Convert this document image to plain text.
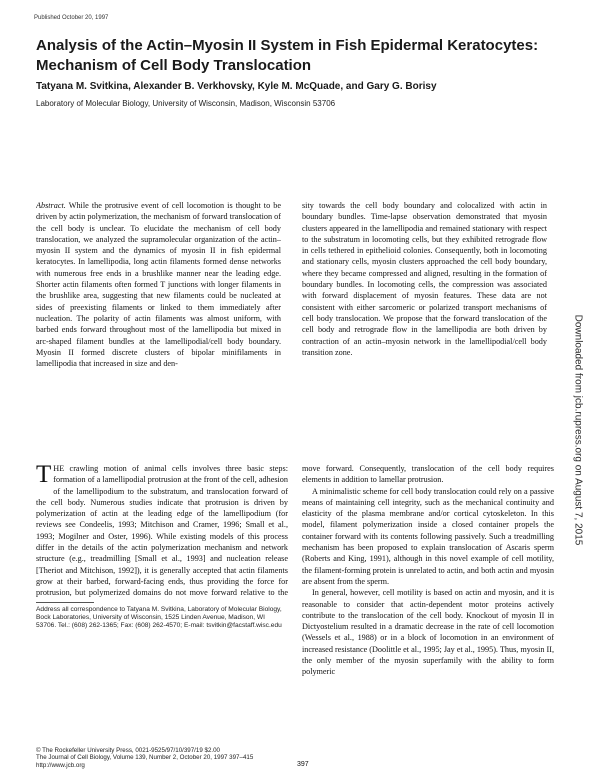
Published October 20, 1997
Analysis of the Actin–Myosin II System in Fish Epidermal Keratocytes: Mechanism of Cell Body Translocation
Tatyana M. Svitkina, Alexander B. Verkhovsky, Kyle M. McQuade, and Gary G. Borisy
Laboratory of Molecular Biology, University of Wisconsin, Madison, Wisconsin 53706
Abstract. While the protrusive event of cell locomotion is thought to be driven by actin polymerization, the mechanism of forward translocation of the cell body is unclear. To elucidate the mechanism of cell body translocation, we analyzed the supramolecular organization of the actin–myosin II system and the dynamics of myosin II in fish epidermal keratocytes. In lamellipodia, long actin filaments formed dense networks with numerous free ends in a brushlike manner near the leading edge. Shorter actin filaments often formed T junctions with longer filaments in the brushlike area, suggesting that new filaments could be nucleated at sides of preexisting filaments or linked to them immediately after nucleation. The polarity of actin filaments was almost uniform, with barbed ends forward throughout most of the lamellipodia but mixed in arc-shaped filament bundles at the lamellipodial/cell body boundary. Myosin II formed discrete clusters of bipolar minifilaments in lamellipodia that increased in size and den-
sity towards the cell body boundary and colocalized with actin in boundary bundles. Time-lapse observation demonstrated that myosin clusters appeared in the lamellipodia and remained stationary with respect to the substratum in locomoting cells, but they exhibited retrograde flow in cells tethered in epithelioid colonies. Consequently, both in locomoting and stationary cells, myosin clusters approached the cell body boundary, where they became compressed and aligned, resulting in the formation of boundary bundles. In locomoting cells, the compression was associated with forward displacement of myosin features. These data are not consistent with either sarcomeric or polarized transport mechanisms of cell body translocation. We propose that the forward translocation of the cell body and retrograde flow in the lamellipodia are both driven by contraction of an actin–myosin network in the lamellipodial/cell body transition zone.

T HE crawling motion of animal cells involves three basic steps: formation of a lamellipodial protrusion at the front of the cell, adhesion of the lamellipodium to the substratum, and translocation forward of the cell body. Numerous studies indicate that protrusion is driven by polymerization of actin at the leading edge of the lamellipodium (for reviews see Condeelis, 1993; Mitchison and Cramer, 1996; Small et al., 1993; Mogilner and Oster, 1996). While existing models of this process differ in the details of the actin polymerization mechanism and network structure (e.g., treadmilling [Small et al., 1993] and nucleation release [Theriot and Mitchison, 1992]), it is generally accepted that actin filaments grow at their barbed, forward-facing ends, thus providing the force for protrusion, but polymerized domains do not move forward relative to the

move forward. Consequently, translocation of the cell body requires elements in addition to lamellar protrusion.

A minimalistic scheme for cell body translocation could rely on a passive means of maintaining cell integrity, such as the mechanical continuity and elasticity of the plasma membrane and/or cortical cytoskeleton. In this model, filament polymerization inside a closed container propels the container forward with its contents following passively. Such a treadmilling mechanism has been proposed to explain translocation of Ascaris sperm (Roberts and King, 1991), although in this novel example of cell motility, the filament-forming protein is unrelated to actin, and both actin and myosin are absent from the sperm.

In general, however, cell motility is based on actin and myosin, and it is reasonable to consider that actin-dependent motor proteins actively contribute to the translocation of the cell body. Knockout of myosin II in Dictyostelium resulted in a dramatic decrease in the rate of cell locomotion (Wessels et al., 1988) or in a block of locomotion in an environment of increased resistance (Doolittle et al., 1995; Jay et al., 1995). Thus, myosin II, the only member of the myosin superfamily with the ability to form polymeric

Address all correspondence to Tatyana M. Svitkina, Laboratory of Molecular Biology, Bock Laboratories, University of Wisconsin, 1525 Linden Avenue, Madison, WI 53706. Tel.: (608) 262-1365; Fax: (608) 262-4570; E-mail: tsvitkin@facstaff.wisc.edu
© The Rockefeller University Press, 0021-9525/97/10/397/19 $2.00
The Journal of Cell Biology, Volume 139, Number 2, October 20, 1997 397–415
http://www.jcb.org	397
Downloaded from jcb.rupress.org on August 7, 2015
